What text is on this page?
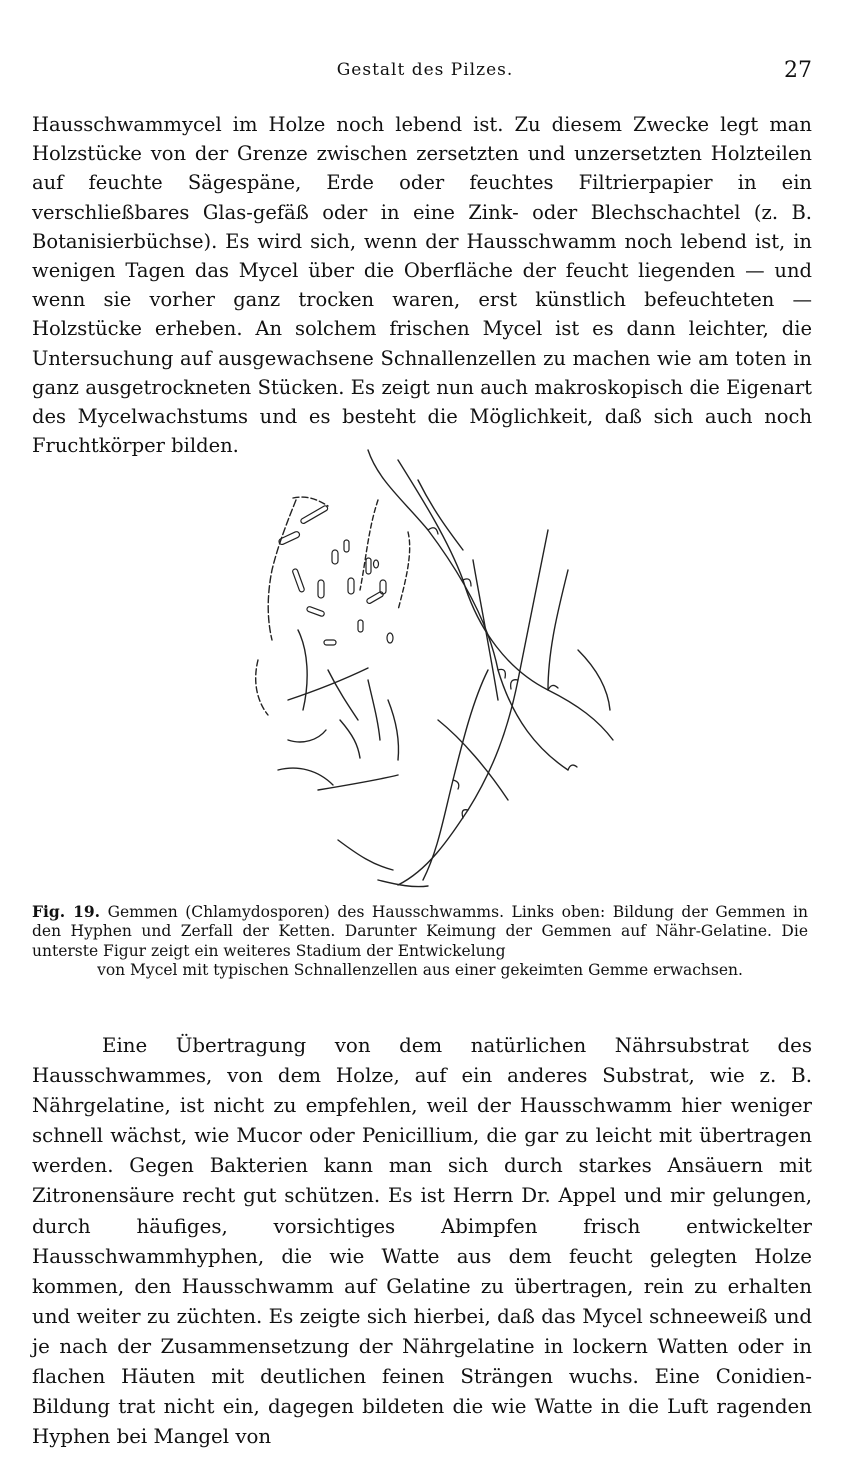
Gestalt des Pilzes.	27

Hausschwammycel im Holze noch lebend ist. Zu diesem Zwecke legt man Holzstücke von der Grenze zwischen zersetzten und unzersetzten Holzteilen auf feuchte Sägespäne, Erde oder feuchtes Filtrierpapier in ein verschließbares Glas-gefäß oder in eine Zink- oder Blechschachtel (z. B. Botanisierbüchse). Es wird sich, wenn der Hausschwamm noch lebend ist, in wenigen Tagen das Mycel über die Oberfläche der feucht liegenden — und wenn sie vorher ganz trocken waren, erst künstlich befeuchteten — Holzstücke erheben. An solchem frischen Mycel ist es dann leichter, die Untersuchung auf ausgewachsene Schnallenzellen zu machen wie am toten in ganz ausgetrockneten Stücken. Es zeigt nun auch makroskopisch die Eigenart des Mycelwachstums und es besteht die Möglichkeit, daß sich auch noch Fruchtkörper bilden.

Fig. 19. Gemmen (Chlamydosporen) des Hausschwamms. Links oben: Bildung der Gemmen in den Hyphen und Zerfall der Ketten. Darunter Keimung der Gemmen auf Nähr-Gelatine. Die unterste Figur zeigt ein weiteres Stadium der Entwickelung
von Mycel mit typischen Schnallenzellen aus einer gekeimten Gemme erwachsen.

Eine Übertragung von dem natürlichen Nährsubstrat des Hausschwammes, von dem Holze, auf ein anderes Substrat, wie z. B. Nährgelatine, ist nicht zu empfehlen, weil der Hausschwamm hier weniger schnell wächst, wie Mucor oder Penicillium, die gar zu leicht mit übertragen werden. Gegen Bakterien kann man sich durch starkes Ansäuern mit Zitronensäure recht gut schützen. Es ist Herrn Dr. Appel und mir gelungen, durch häufiges, vorsichtiges Abimpfen frisch entwickelter Hausschwammhyphen, die wie Watte aus dem feucht gelegten Holze kommen, den Hausschwamm auf Gelatine zu übertragen, rein zu erhalten und weiter zu züchten. Es zeigte sich hierbei, daß das Mycel schneeweiß und je nach der Zusammensetzung der Nährgelatine in lockern Watten oder in flachen Häuten mit deutlichen feinen Strängen wuchs. Eine Conidien-Bildung trat nicht ein, dagegen bildeten die wie Watte in die Luft ragenden Hyphen bei Mangel von
